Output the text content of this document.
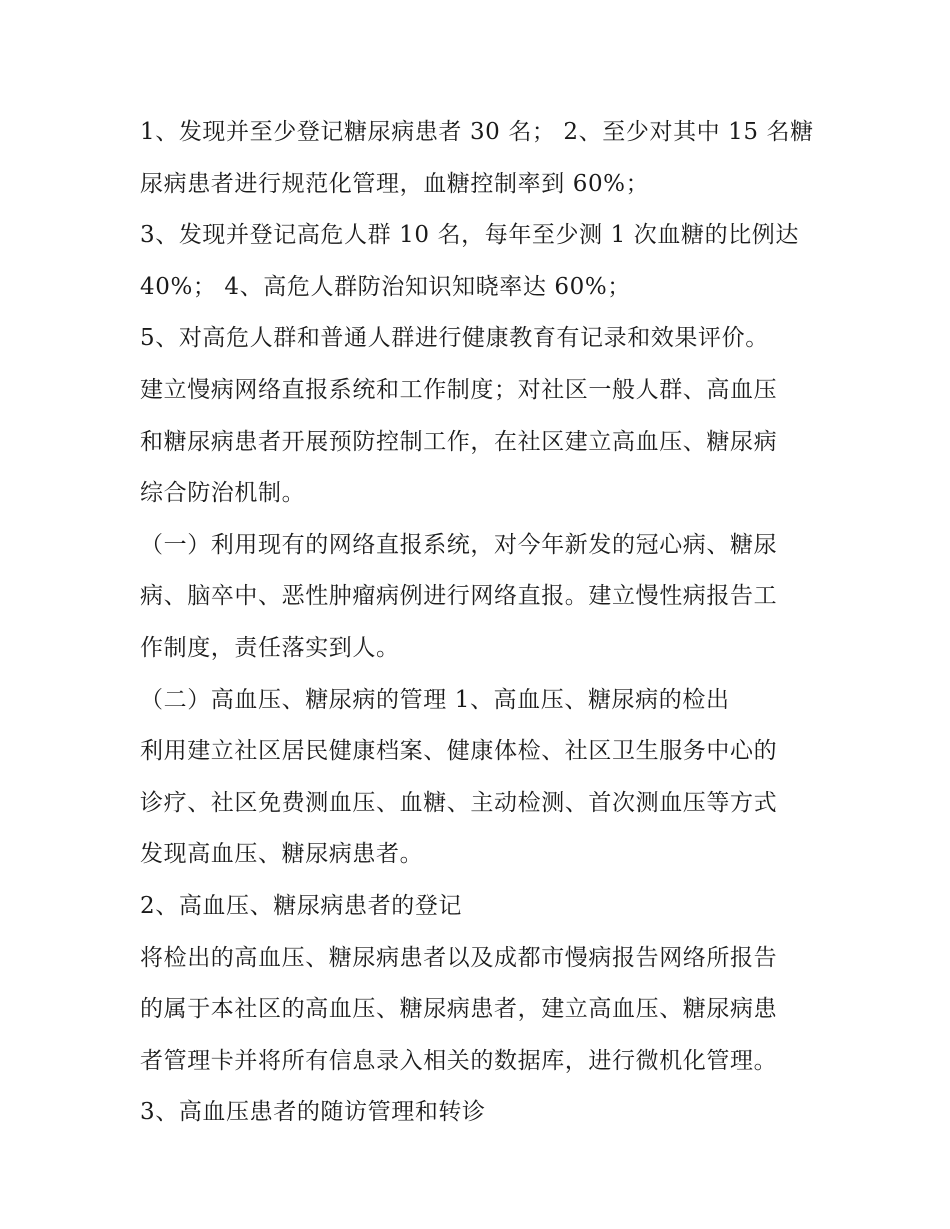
1、发现并至少登记糖尿病患者 30 名； 2、至少对其中 15 名糖
尿病患者进行规范化管理，血糖控制率到 60%；
3、发现并登记高危人群 10 名，每年至少测 1 次血糖的比例达
40%； 4、高危人群防治知识知晓率达 60%；
5、对高危人群和普通人群进行健康教育有记录和效果评价。
建立慢病网络直报系统和工作制度；对社区一般人群、高血压
和糖尿病患者开展预防控制工作，在社区建立高血压、糖尿病
综合防治机制。
（一）利用现有的网络直报系统，对今年新发的冠心病、糖尿
病、脑卒中、恶性肿瘤病例进行网络直报。建立慢性病报告工
作制度，责任落实到人。
（二）高血压、糖尿病的管理 1、高血压、糖尿病的检出
利用建立社区居民健康档案、健康体检、社区卫生服务中心的
诊疗、社区免费测血压、血糖、主动检测、首次测血压等方式
发现高血压、糖尿病患者。
2、高血压、糖尿病患者的登记
将检出的高血压、糖尿病患者以及成都市慢病报告网络所报告
的属于本社区的高血压、糖尿病患者，建立高血压、糖尿病患
者管理卡并将所有信息录入相关的数据库，进行微机化管理。
3、高血压患者的随访管理和转诊
